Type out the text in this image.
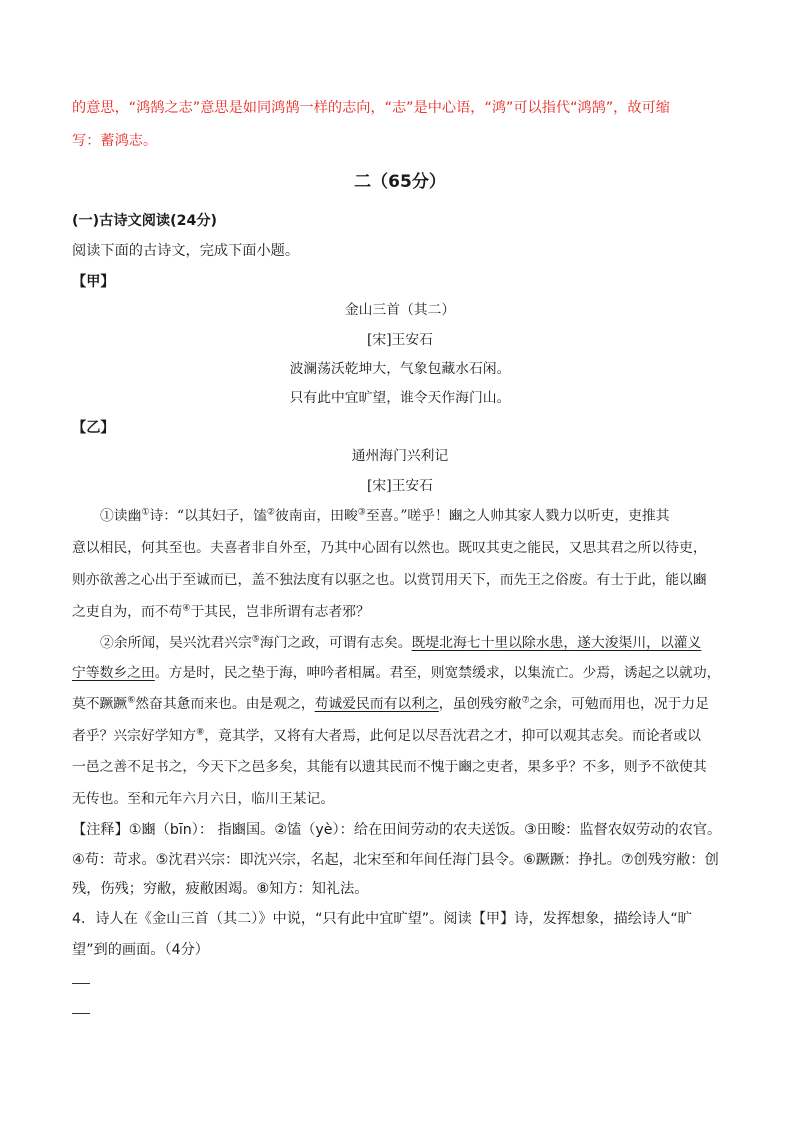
的意思，“鸿鹄之志”意思是如同鸿鹄一样的志向，“志”是中心语，“鸿”可以指代“鸿鹄”，故可缩
写：蓄鸿志。
二（65分）
(一)古诗文阅读(24分)
阅读下面的古诗文，完成下面小题。
【甲】
金山三首（其二）
[宋]王安石
波澜荡沃乾坤大，气象包藏水石闲。
只有此中宜旷望，谁令天作海门山。
【乙】
通州海门兴利记
[宋]王安石
①读幽①诗：“以其妇子，馌②彼南亩，田畯③至喜。”嗟乎！豳之人帅其家人戮力以听吏，吏推其
意以相民，何其至也。夫喜者非自外至，乃其中心固有以然也。既叹其吏之能民，又思其君之所以待吏，
则亦欲善之心出于至诚而已，盖不独法度有以驱之也。以赏罚用天下，而先王之俗废。有士于此，能以豳
之吏自为，而不苟④于其民，岂非所谓有志者邪？
②余所闻，吴兴沈君兴宗⑤海门之政，可谓有志矣。既堤北海七十里以除水患，遂大浚渠川，以灌义
宁等数乡之田。方是时，民之垫于海，呻吟者相属。君至，则宽禁缓求，以集流亡。少焉，诱起之以就功，
莫不蹶蹶⑥然奋其惫而来也。由是观之，苟诚爱民而有以利之，虽创残穷敝⑦之余，可勉而用也，况于力足
者乎？兴宗好学知方⑧，竟其学，又将有大者焉，此何足以尽吾沈君之才，抑可以观其志矣。而论者或以
一邑之善不足书之，今天下之邑多矣，其能有以遗其民而不愧于豳之吏者，果多乎？不多，则予不欲使其
无传也。至和元年六月六日，临川王某记。
【注释】①豳（bīn）： 指豳国。②馌（yè）：给在田间劳动的农夫送饭。③田畯：监督农奴劳动的农官。
④苟：苛求。⑤沈君兴宗：即沈兴宗，名起，北宋至和年间任海门县令。⑥蹶蹶：挣扎。⑦创残穷敝：创
残，伤残；穷敝，疲敝困竭。⑧知方：知礼法。
4．诗人在《金山三首（其二）》中说，“只有此中宜旷望”。阅读【甲】诗，发挥想象，描绘诗人“旷
望”到的画面。（4分）
